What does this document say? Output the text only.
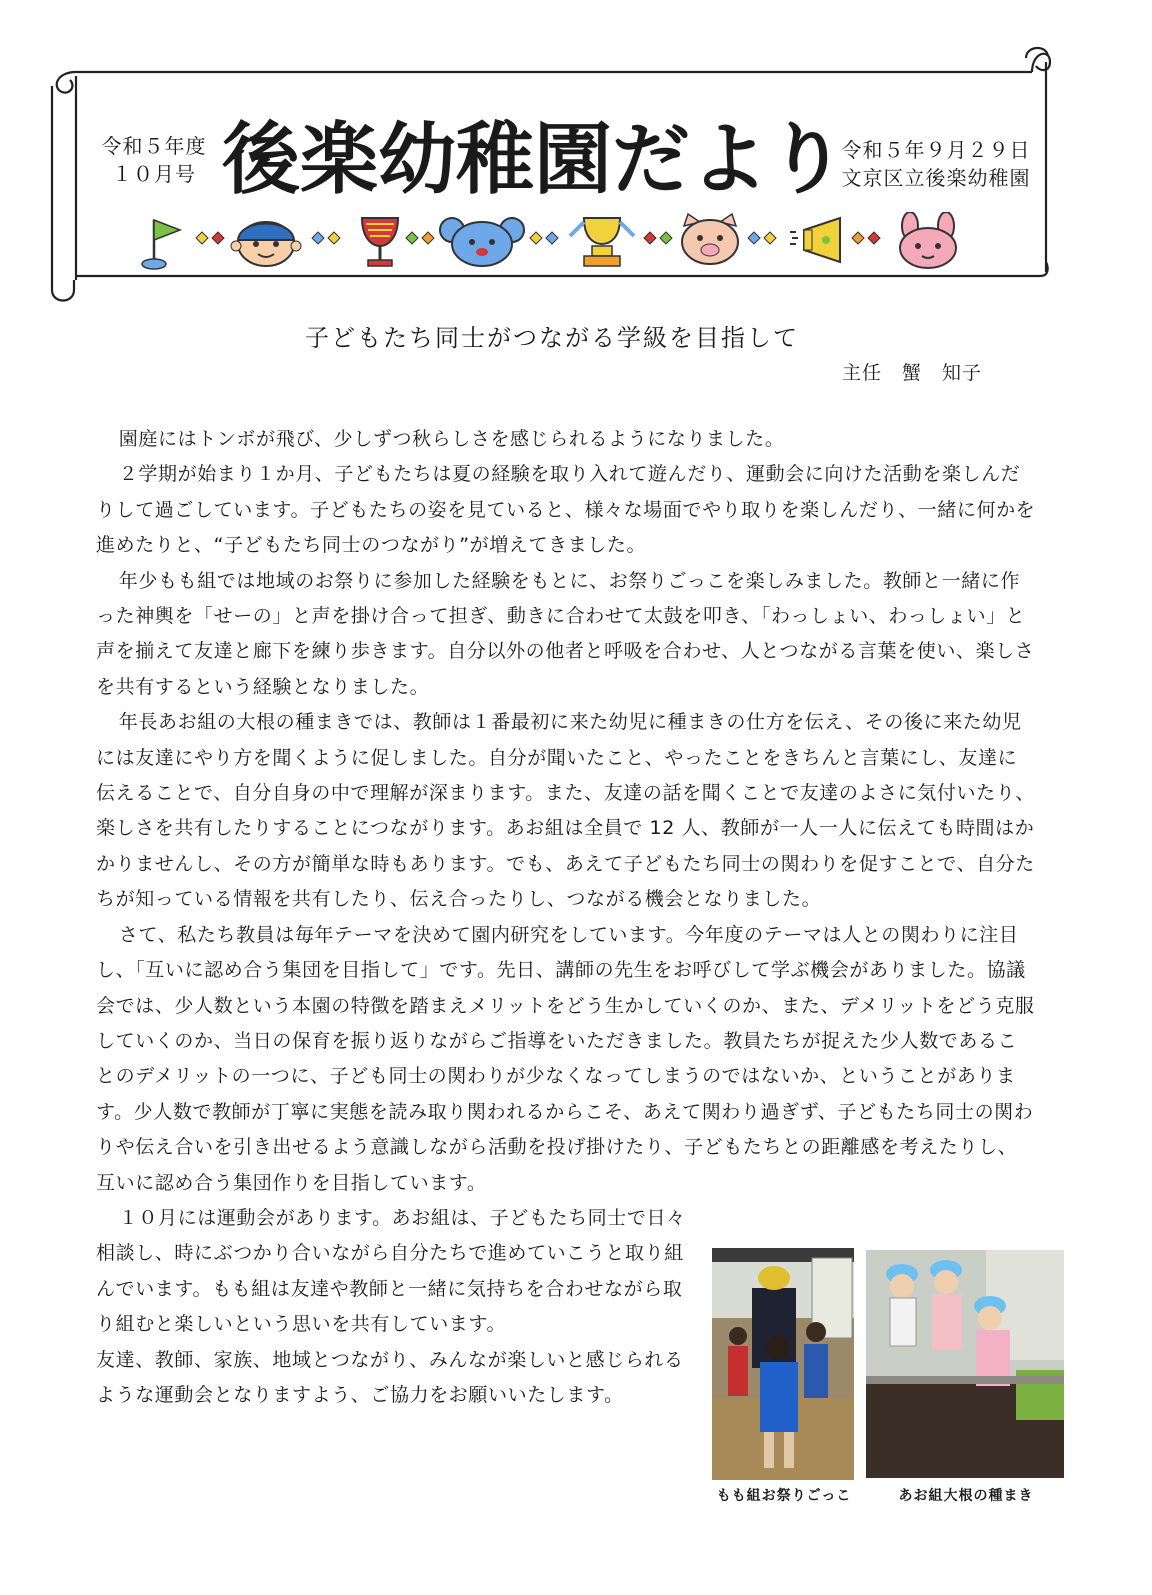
令和５年度
１０月号 後楽幼稚園だより
令和５年９月２９日
文京区立後楽幼稚園
子どもたち同士がつながる学級を目指して
主任　蟹　知子

園庭にはトンボが飛び、少しずつ秋らしさを感じられるようになりました。

２学期が始まり１か月、子どもたちは夏の経験を取り入れて遊んだり、運動会に向けた活動を楽しんだりして過ごしています。子どもたちの姿を見ていると、様々な場面でやり取りを楽しんだり、一緒に何かを進めたりと、“子どもたち同士のつながり”が増えてきました。

年少もも組では地域のお祭りに参加した経験をもとに、お祭りごっこを楽しみました。教師と一緒に作った神輿を「せーの」と声を掛け合って担ぎ、動きに合わせて太鼓を叩き、「わっしょい、わっしょい」と声を揃えて友達と廊下を練り歩きます。自分以外の他者と呼吸を合わせ、人とつながる言葉を使い、楽しさを共有するという経験となりました。

年長あお組の大根の種まきでは、教師は１番最初に来た幼児に種まきの仕方を伝え、その後に来た幼児には友達にやり方を聞くように促しました。自分が聞いたこと、やったことをきちんと言葉にし、友達に伝えることで、自分自身の中で理解が深まります。また、友達の話を聞くことで友達のよさに気付いたり、楽しさを共有したりすることにつながります。あお組は全員で 12 人、教師が一人一人に伝えても時間はかかりませんし、その方が簡単な時もあります。でも、あえて子どもたち同士の関わりを促すことで、自分たちが知っている情報を共有したり、伝え合ったりし、つながる機会となりました。

さて、私たち教員は毎年テーマを決めて園内研究をしています。今年度のテーマは人との関わりに注目し、「互いに認め合う集団を目指して」です。先日、講師の先生をお呼びして学ぶ機会がありました。協議会では、少人数という本園の特徴を踏まえメリットをどう生かしていくのか、また、デメリットをどう克服していくのか、当日の保育を振り返りながらご指導をいただきました。教員たちが捉えた少人数であることのデメリットの一つに、子ども同士の関わりが少なくなってしまうのではないか、ということがあります。少人数で教師が丁寧に実態を読み取り関われるからこそ、あえて関わり過ぎず、子どもたち同士の関わりや伝え合いを引き出せるよう意識しながら活動を投げ掛けたり、子どもたちとの距離感を考えたりし、互いに認め合う集団作りを目指しています。

１０月には運動会があります。あお組は、子どもたち同士で日々相談し、時にぶつかり合いながら自分たちで進めていこうと取り組んでいます。もも組は友達や教師と一緒に気持ちを合わせながら取り組むと楽しいという思いを共有しています。

友達、教師、家族、地域とつながり、みんなが楽しいと感じられるような運動会となりますよう、ご協力をお願いいたします。

もも組お祭りごっこ	あお組大根の種まき
